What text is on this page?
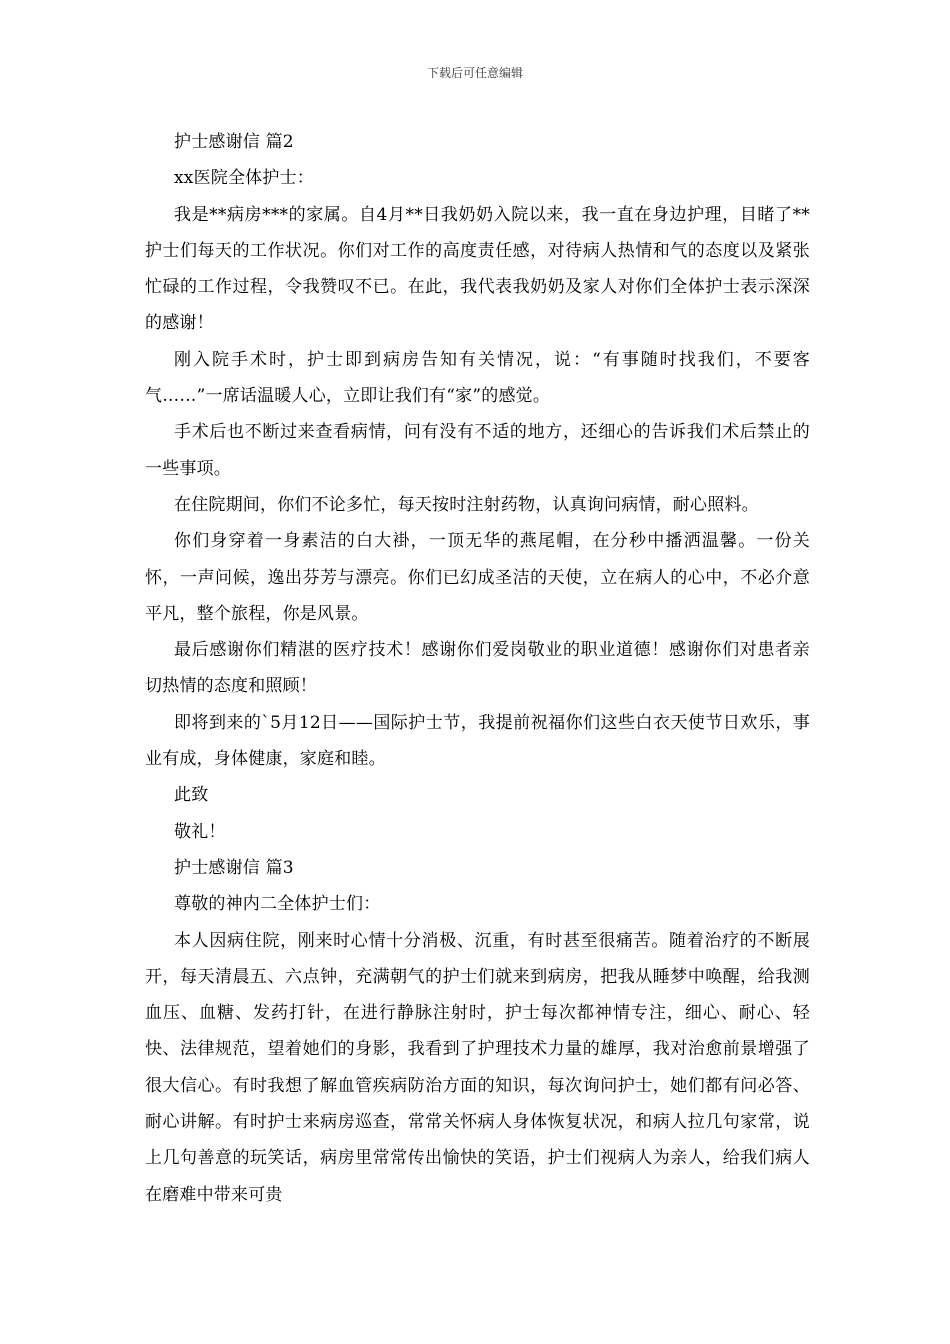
下载后可任意编辑

护士感谢信 篇2

xx医院全体护士：

我是**病房***的家属。自4月**日我奶奶入院以来，我一直在身边护理，目睹了**护士们每天的工作状况。你们对工作的高度责任感，对待病人热情和气的态度以及紧张忙碌的工作过程，令我赞叹不已。在此，我代表我奶奶及家人对你们全体护士表示深深的感谢！

刚入院手术时，护士即到病房告知有关情况，说：“有事随时找我们，不要客气……”一席话温暖人心，立即让我们有“家”的感觉。

手术后也不断过来查看病情，问有没有不适的地方，还细心的告诉我们术后禁止的一些事项。

在住院期间，你们不论多忙，每天按时注射药物，认真询问病情，耐心照料。

你们身穿着一身素洁的白大褂，一顶无华的燕尾帽，在分秒中播洒温馨。一份关怀，一声问候，逸出芬芳与漂亮。你们已幻成圣洁的天使，立在病人的心中，不必介意平凡，整个旅程，你是风景。

最后感谢你们精湛的医疗技术！感谢你们爱岗敬业的职业道德！感谢你们对患者亲切热情的态度和照顾！

即将到来的`5月12日——国际护士节，我提前祝福你们这些白衣天使节日欢乐，事业有成，身体健康，家庭和睦。

此致

敬礼！

护士感谢信 篇3

尊敬的神内二全体护士们：

本人因病住院，刚来时心情十分消极、沉重，有时甚至很痛苦。随着治疗的不断展开，每天清晨五、六点钟，充满朝气的护士们就来到病房，把我从睡梦中唤醒，给我测血压、血糖、发药打针，在进行静脉注射时，护士每次都神情专注，细心、耐心、轻快、法律规范，望着她们的身影，我看到了护理技术力量的雄厚，我对治愈前景增强了很大信心。有时我想了解血管疾病防治方面的知识，每次询问护士，她们都有问必答、耐心讲解。有时护士来病房巡查，常常关怀病人身体恢复状况，和病人拉几句家常，说上几句善意的玩笑话，病房里常常传出愉快的笑语，护士们视病人为亲人，给我们病人在磨难中带来可贵
